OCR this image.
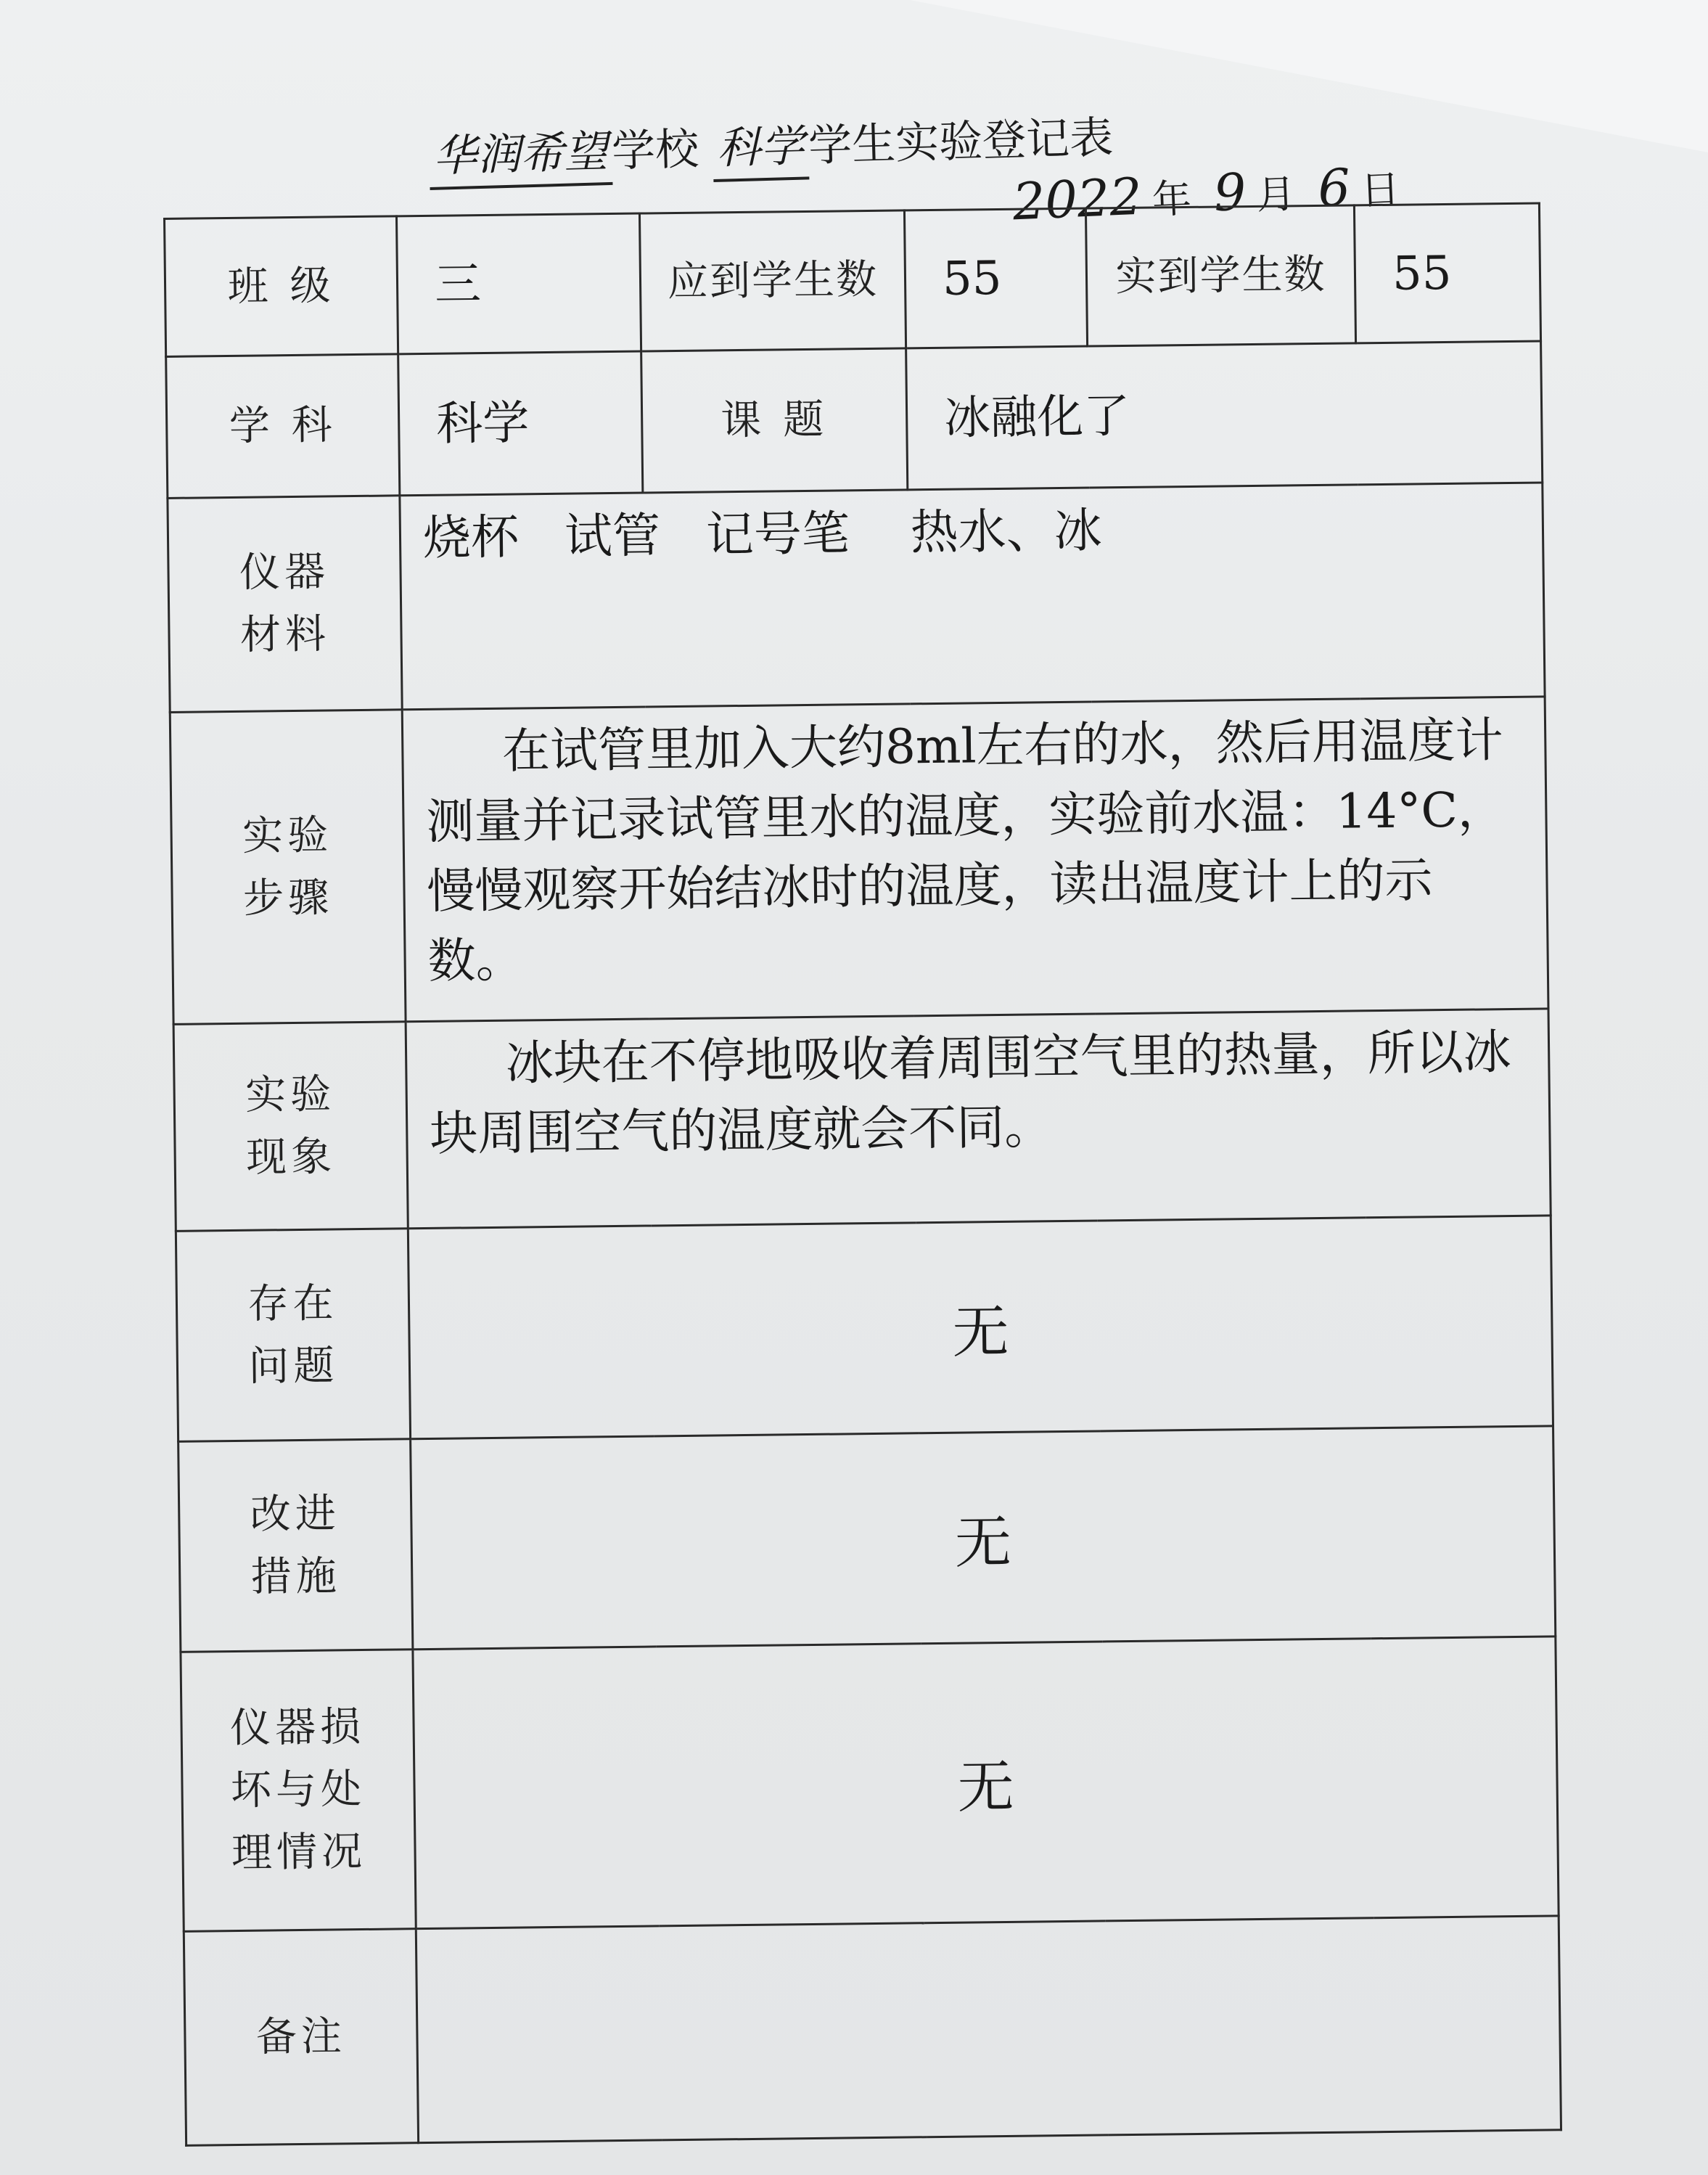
华润希望学校 科学学生实验登记表
2022 年 9 月 6 日
班 级	三	应到学生数	55	实到学生数	55
学 科	科学	课 题	冰融化了		
仪器
材料	烧杯   试管   记号笔    热水、冰				
实验
步骤	在试管里加入大约8ml左右的水，然后用温度计测量并记录试管里水的温度，实验前水温：14°C，慢慢观察开始结冰时的温度，读出温度计上的示数。				
实验
现象	冰块在不停地吸收着周围空气里的热量，所以冰块周围空气的温度就会不同。				
存在
问题	无				
改进
措施	无				
仪器损
坏与处
理情况	无				
备注					
